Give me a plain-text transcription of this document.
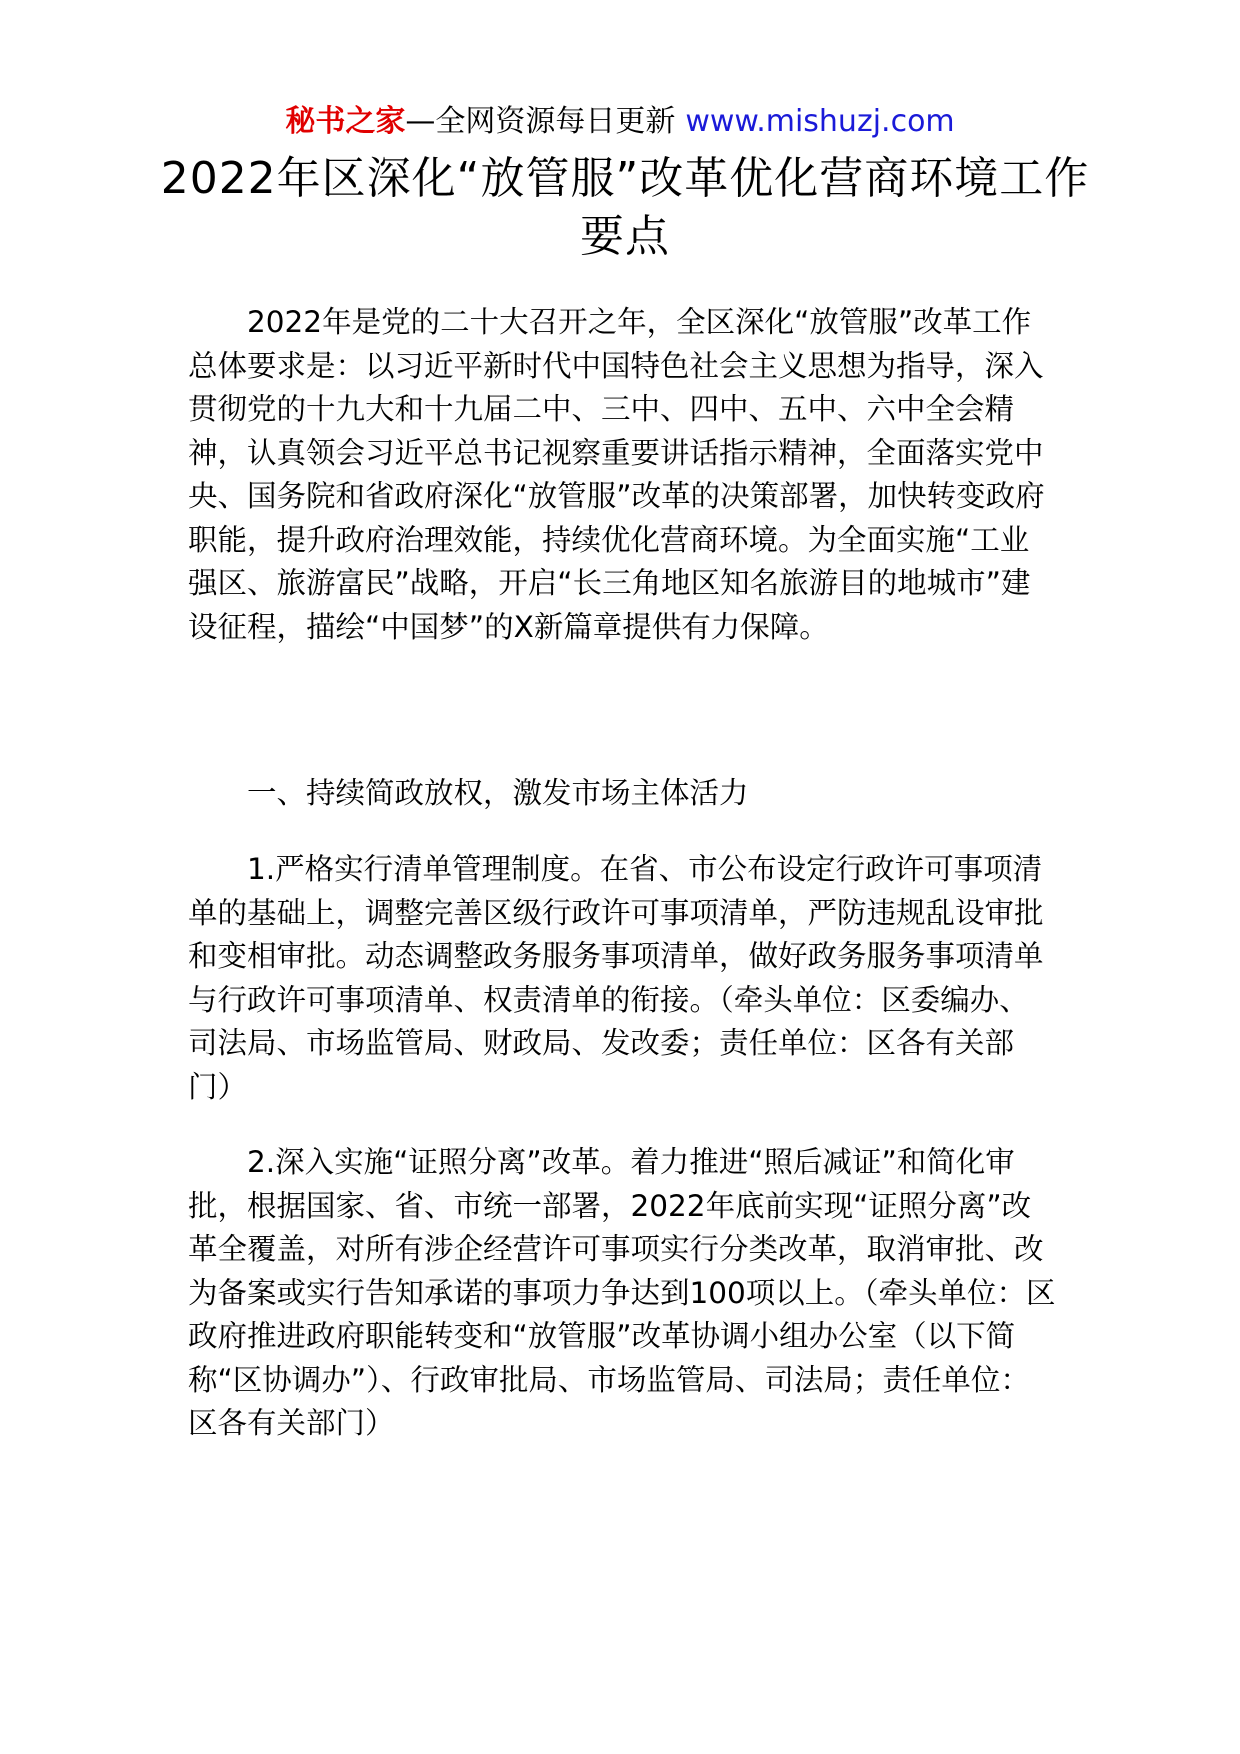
秘书之家 —全网资源每日更新 www.mishuzj.com
2022年区深化“放管服”改革优化营商环境工作要点

2022年是党的二十大召开之年，全区深化“放管服”改革工作总体要求是：以习近平新时代中国特色社会主义思想为指导，深入贯彻党的十九大和十九届二中、三中、四中、五中、六中全会精神，认真领会习近平总书记视察重要讲话指示精神，全面落实党中央、国务院和省政府深化“放管服”改革的决策部署，加快转变政府职能，提升政府治理效能，持续优化营商环境。为全面实施“工业强区、旅游富民”战略，开启“长三角地区知名旅游目的地城市”建设征程，描绘“中国梦”的X新篇章提供有力保障。

一、持续简政放权，激发市场主体活力

1.严格实行清单管理制度。在省、市公布设定行政许可事项清单的基础上，调整完善区级行政许可事项清单，严防违规乱设审批和变相审批。动态调整政务服务事项清单，做好政务服务事项清单与行政许可事项清单、权责清单的衔接。（牵头单位：区委编办、司法局、市场监管局、财政局、发改委；责任单位：区各有关部门）

2.深入实施“证照分离”改革。着力推进“照后减证”和简化审批，根据国家、省、市统一部署，2022年底前实现“证照分离”改革全覆盖，对所有涉企经营许可事项实行分类改革，取消审批、改为备案或实行告知承诺的事项力争达到100项以上。（牵头单位：区政府推进政府职能转变和“放管服”改革协调小组办公室（以下简称“区协调办”）、行政审批局、市场监管局、司法局；责任单位：区各有关部门）
